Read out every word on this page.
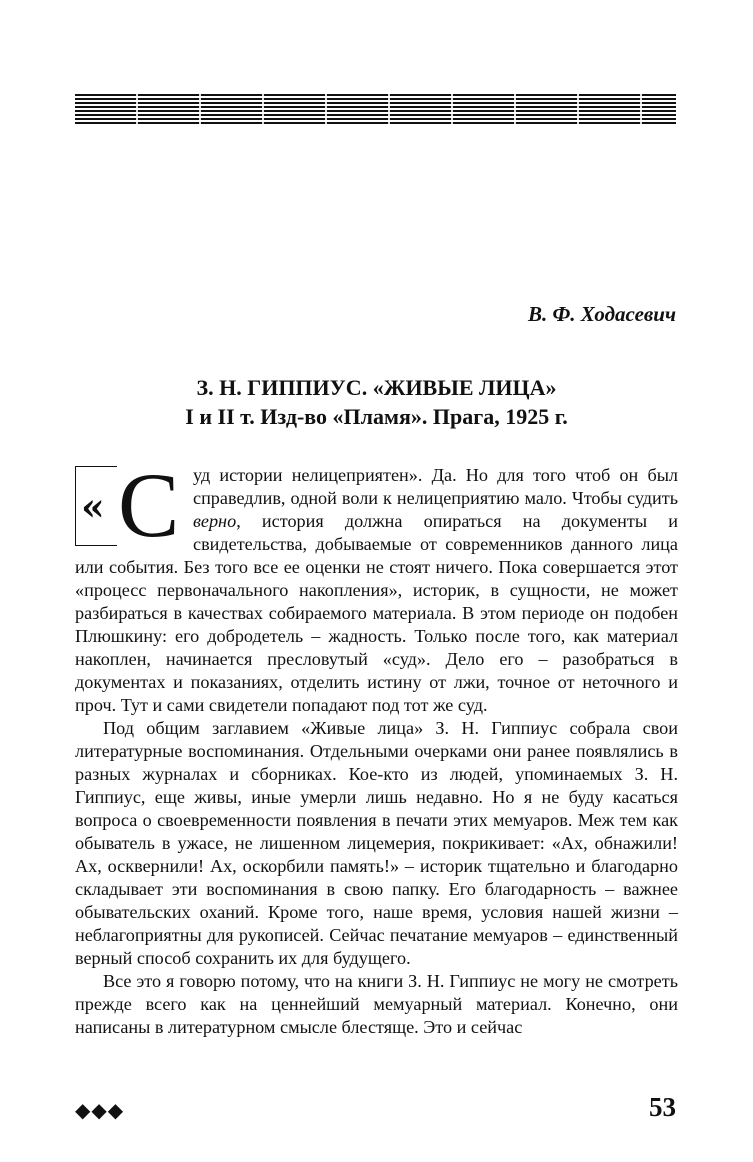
В. Ф. Ходасевич

З. Н. ГИППИУС. «ЖИВЫЕ ЛИЦА»
I и II т. Изд-во «Пламя». Прага, 1925 г.

« С уд истории нелицеприятен». Да. Но для того чтоб он был справедлив, одной воли к нелицеприятию мало. Чтобы судить верно, история должна опираться на документы и свидетельства, добываемые от современников данного лица или события. Без того все ее оценки не стоят ничего. Пока совершается этот «процесс первоначального накопления», историк, в сущности, не может разбираться в качествах собираемого материала. В этом периоде он подобен Плюшкину: его добродетель – жадность. Только после того, как материал накоплен, начинается пресловутый «суд». Дело его – разобраться в документах и показаниях, отделить истину от лжи, точное от неточного и проч. Тут и сами свидетели попадают под тот же суд.

Под общим заглавием «Живые лица» З. Н. Гиппиус собрала свои литературные воспоминания. Отдельными очерками они ранее появлялись в разных журналах и сборниках. Кое-кто из людей, упоминаемых З. Н. Гиппиус, еще живы, иные умерли лишь недавно. Но я не буду касаться вопроса о своевременности появления в печати этих мемуаров. Меж тем как обыватель в ужасе, не лишенном лицемерия, покрикивает: «Ах, обнажили! Ах, осквернили! Ах, оскорбили память!» – историк тщательно и благодарно складывает эти воспоминания в свою папку. Его благодарность – важнее обывательских оханий. Кроме того, наше время, условия нашей жизни – неблагоприятны для рукописей. Сейчас печатание мемуаров – единственный верный способ сохранить их для будущего.

Все это я говорю потому, что на книги З. Н. Гиппиус не могу не смотреть прежде всего как на ценнейший мемуарный материал. Конечно, они написаны в литературном смысле блестяще. Это и сейчас

◆◆◆	53
